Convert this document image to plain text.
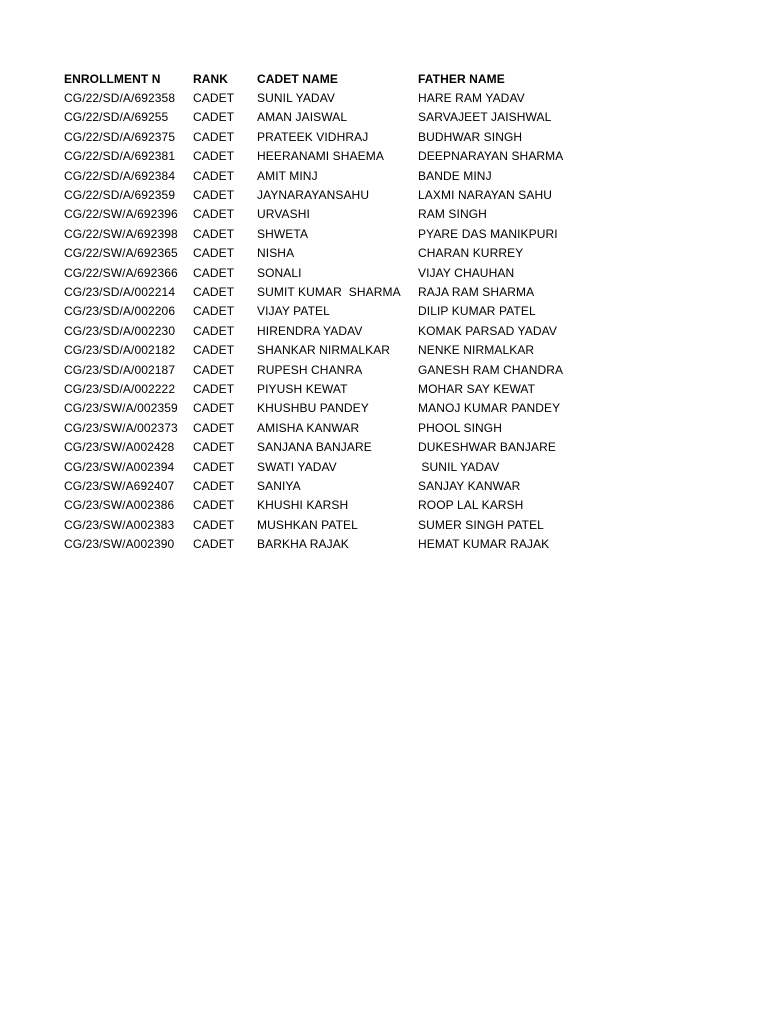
ENROLLMENT N	RANK	CADET NAME	FATHER NAME
CG/22/SD/A/692358	CADET	SUNIL YADAV	HARE RAM YADAV
CG/22/SD/A/69255	CADET	AMAN JAISWAL	SARVAJEET JAISHWAL
CG/22/SD/A/692375	CADET	PRATEEK VIDHRAJ	BUDHWAR SINGH
CG/22/SD/A/692381	CADET	HEERANAMI SHAEMA	DEEPNARAYAN SHARMA
CG/22/SD/A/692384	CADET	AMIT MINJ	BANDE MINJ
CG/22/SD/A/692359	CADET	JAYNARAYANSAHU	LAXMI NARAYAN SAHU
CG/22/SW/A/692396	CADET	URVASHI	RAM SINGH
CG/22/SW/A/692398	CADET	SHWETA	PYARE DAS MANIKPURI
CG/22/SW/A/692365	CADET	NISHA	CHARAN KURREY
CG/22/SW/A/692366	CADET	SONALI	VIJAY CHAUHAN
CG/23/SD/A/002214	CADET	SUMIT KUMAR  SHARMA	RAJA RAM SHARMA
CG/23/SD/A/002206	CADET	VIJAY PATEL	DILIP KUMAR PATEL
CG/23/SD/A/002230	CADET	HIRENDRA YADAV	KOMAK PARSAD YADAV
CG/23/SD/A/002182	CADET	SHANKAR NIRMALKAR	NENKE NIRMALKAR
CG/23/SD/A/002187	CADET	RUPESH CHANRA	GANESH RAM CHANDRA
CG/23/SD/A/002222	CADET	PIYUSH KEWAT	MOHAR SAY KEWAT
CG/23/SW/A/002359	CADET	KHUSHBU PANDEY	MANOJ KUMAR PANDEY
CG/23/SW/A/002373	CADET	AMISHA KANWAR	PHOOL SINGH
CG/23/SW/A002428	CADET	SANJANA BANJARE	DUKESHWAR BANJARE
CG/23/SW/A002394	CADET	SWATI YADAV	SUNIL YADAV
CG/23/SW/A692407	CADET	SANIYA	SANJAY KANWAR
CG/23/SW/A002386	CADET	KHUSHI KARSH	ROOP LAL KARSH
CG/23/SW/A002383	CADET	MUSHKAN PATEL	SUMER SINGH PATEL
CG/23/SW/A002390	CADET	BARKHA RAJAK	HEMAT KUMAR RAJAK
